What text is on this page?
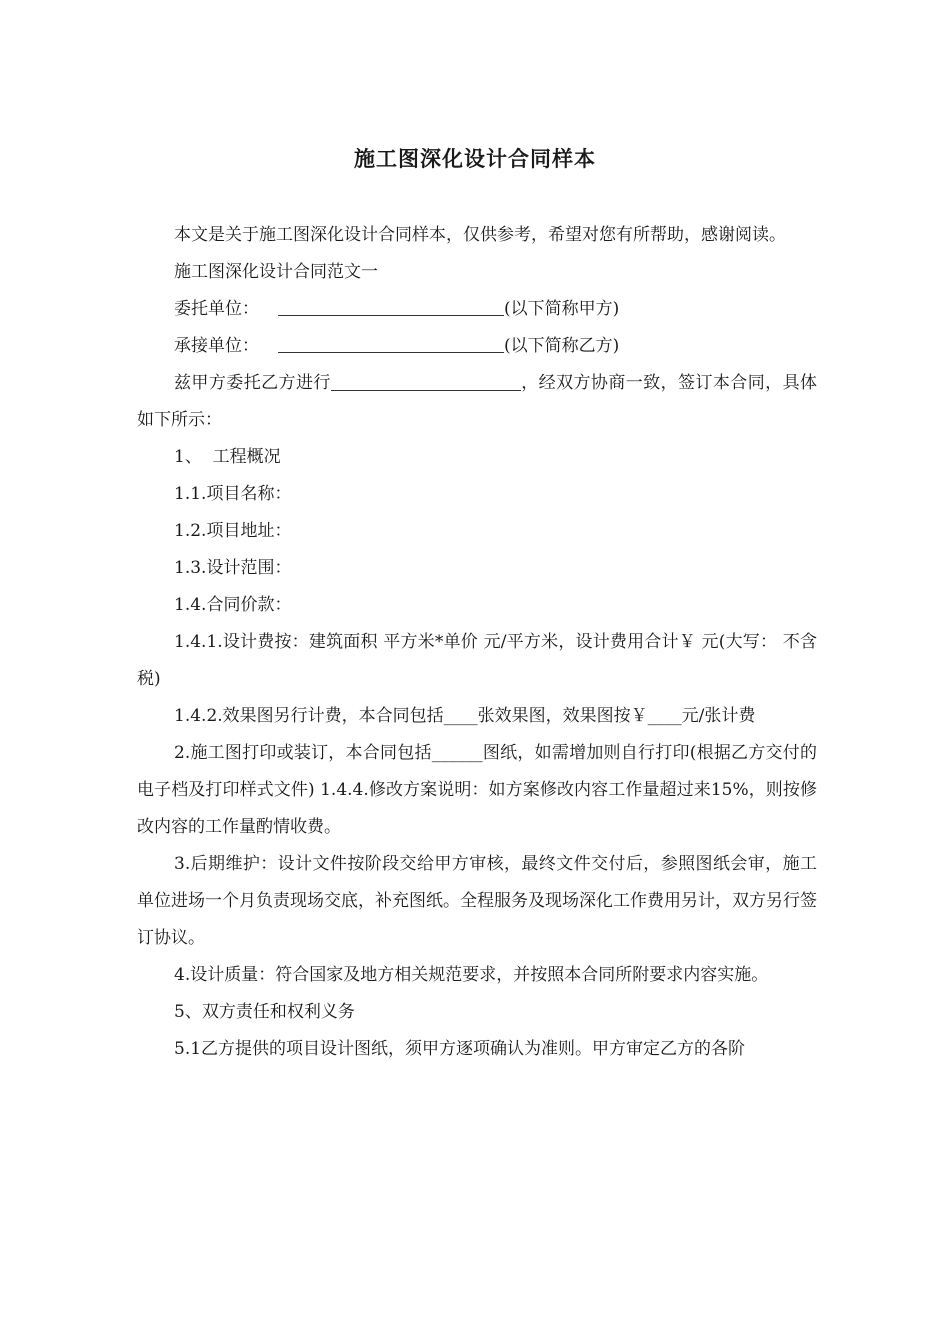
施工图深化设计合同样本

本文是关于施工图深化设计合同样本，仅供参考，希望对您有所帮助，感谢阅读。

施工图深化设计合同范文一

委托单位：	(以下简称甲方)
承接单位：	(以下简称乙方)

兹甲方委托乙方进行	，经双方协商一致，签订本合同，具体如下所示：

1、  工程概况

1.1.项目名称：

1.2.项目地址：

1.3.设计范围：

1.4.合同价款：

1.4.1.设计费按：建筑面积 平方米*单价 元/平方米，设计费用合计￥ 元(大写： 不含税)

1.4.2.效果图另行计费，本合同包括____张效果图，效果图按￥____元/张计费

2.施工图打印或装订，本合同包括______图纸，如需增加则自行打印(根据乙方交付的电子档及打印样式文件) 1.4.4.修改方案说明：如方案修改内容工作量超过来15%，则按修改内容的工作量酌情收费。

3.后期维护：设计文件按阶段交给甲方审核，最终文件交付后，参照图纸会审，施工单位进场一个月负责现场交底，补充图纸。全程服务及现场深化工作费用另计，双方另行签订协议。

4.设计质量：符合国家及地方相关规范要求，并按照本合同所附要求内容实施。

5、双方责任和权利义务

5.1乙方提供的项目设计图纸，须甲方逐项确认为准则。甲方审定乙方的各阶
